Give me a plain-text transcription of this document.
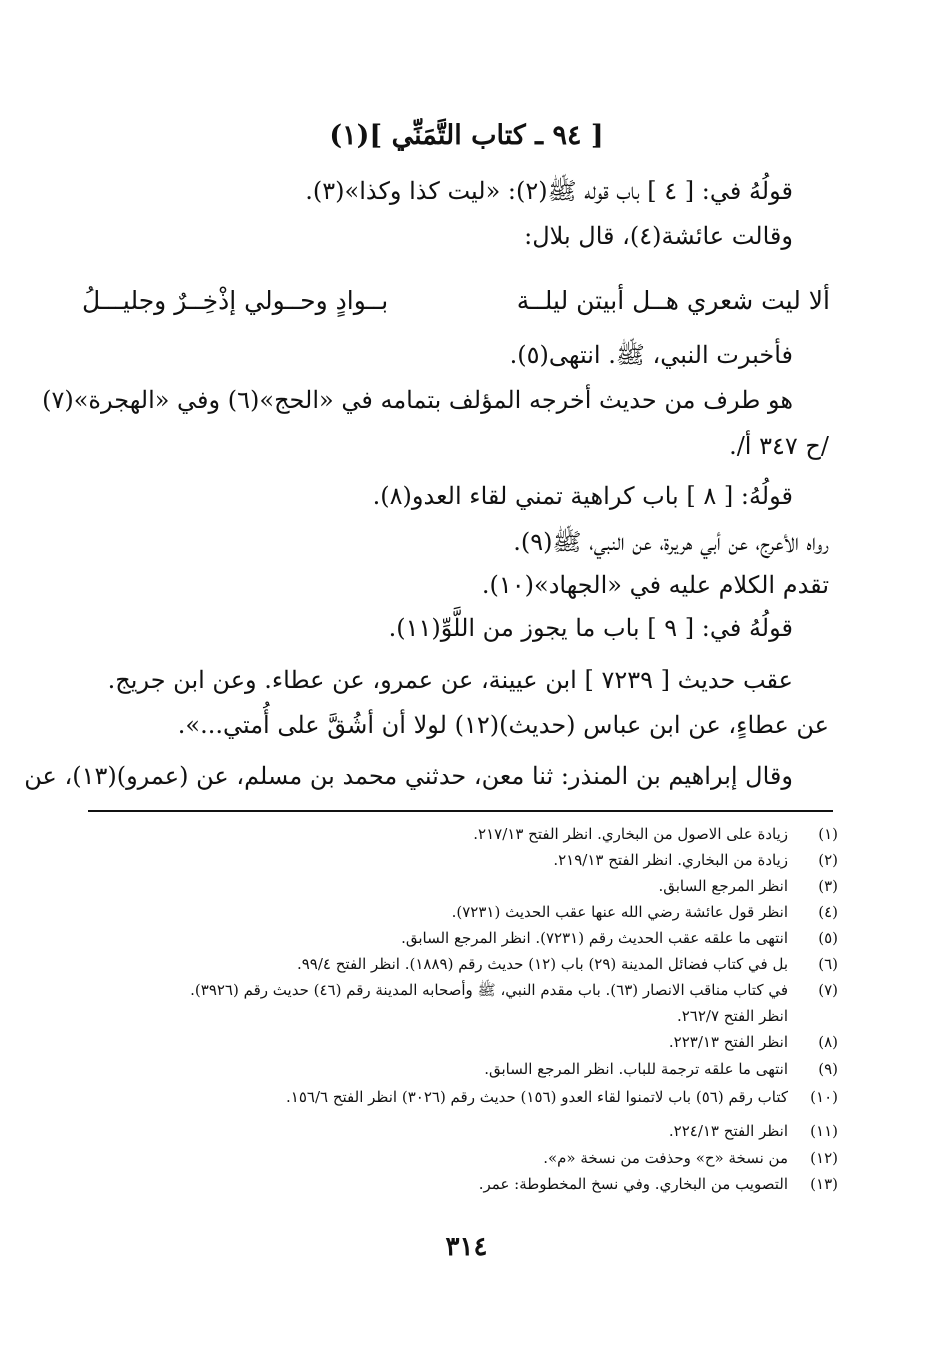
[ ٩٤ ـ كتاب التَّمَنِّي ](١)
قولُهُ في: [ ٤ ] باب قوله ﷺ(٢): «ليت كذا وكذا»(٣).
وقالت عائشة(٤)، قال بلال:
ألا ليت شعري هــل أبيتن ليلــة
بــوادٍ وحــولي إذْخِــرٌ وجليـــلُ
فأخبرت النبي، ﷺ. انتهى(٥).
هو طرف من حديث أخرجه المؤلف بتمامه في «الحج»(٦) وفي «الهجرة»(٧)
/ح ٣٤٧ أ/.
قولُهُ: [ ٨ ] باب كراهية تمني لقاء العدو(٨).
رواه الأعرج، عن أبي هريرة، عن النبي، ﷺ(٩).
تقدم الكلام عليه في «الجهاد»(١٠).
قولُهُ في: [ ٩ ] باب ما يجوز من اللَّوِّ(١١).
عقب حديث [ ٧٢٣٩ ] ابن عيينة، عن عمرو، عن عطاء. وعن ابن جريج.
عن عطاءٍ، عن ابن عباس (حديث)(١٢) لولا أن أشُقَّ على أُمتي...».
وقال إبراهيم بن المنذر: ثنا معن، حدثني محمد بن مسلم، عن (عمرو)(١٣)، عن
(١)
زيادة على الاصول من البخاري. انظر الفتح ٢١٧/١٣.
(٢)
زيادة من البخاري. انظر الفتح ٢١٩/١٣.
(٣)
انظر المرجع السابق.
(٤)
انظر قول عائشة رضي الله عنها عقب الحديث (٧٢٣١).
(٥)
انتهى ما علقه عقب الحديث رقم (٧٢٣١). انظر المرجع السابق.
(٦)
بل في كتاب فضائل المدينة (٢٩) باب (١٢) حديث رقم (١٨٨٩). انظر الفتح ٩٩/٤.
(٧)
في كتاب مناقب الانصار (٦٣). باب مقدم النبي، ﷺ وأصحابه المدينة رقم (٤٦) حديث رقم (٣٩٢٦).
انظر الفتح ٢٦٢/٧.
(٨)
انظر الفتح ٢٢٣/١٣.
(٩)
انتهى ما علقه ترجمة للباب. انظر المرجع السابق.
(١٠)
كتاب رقم (٥٦) باب لاتمنوا لقاء العدو (١٥٦) حديث رقم (٣٠٢٦) انظر الفتح ١٥٦/٦.
(١١)
انظر الفتح ٢٢٤/١٣.
(١٢)
من نسخة «ح» وحذفت من نسخة «م».
(١٣)
التصويب من البخاري. وفي نسخ المخطوطة: عمر.
٣١٤
